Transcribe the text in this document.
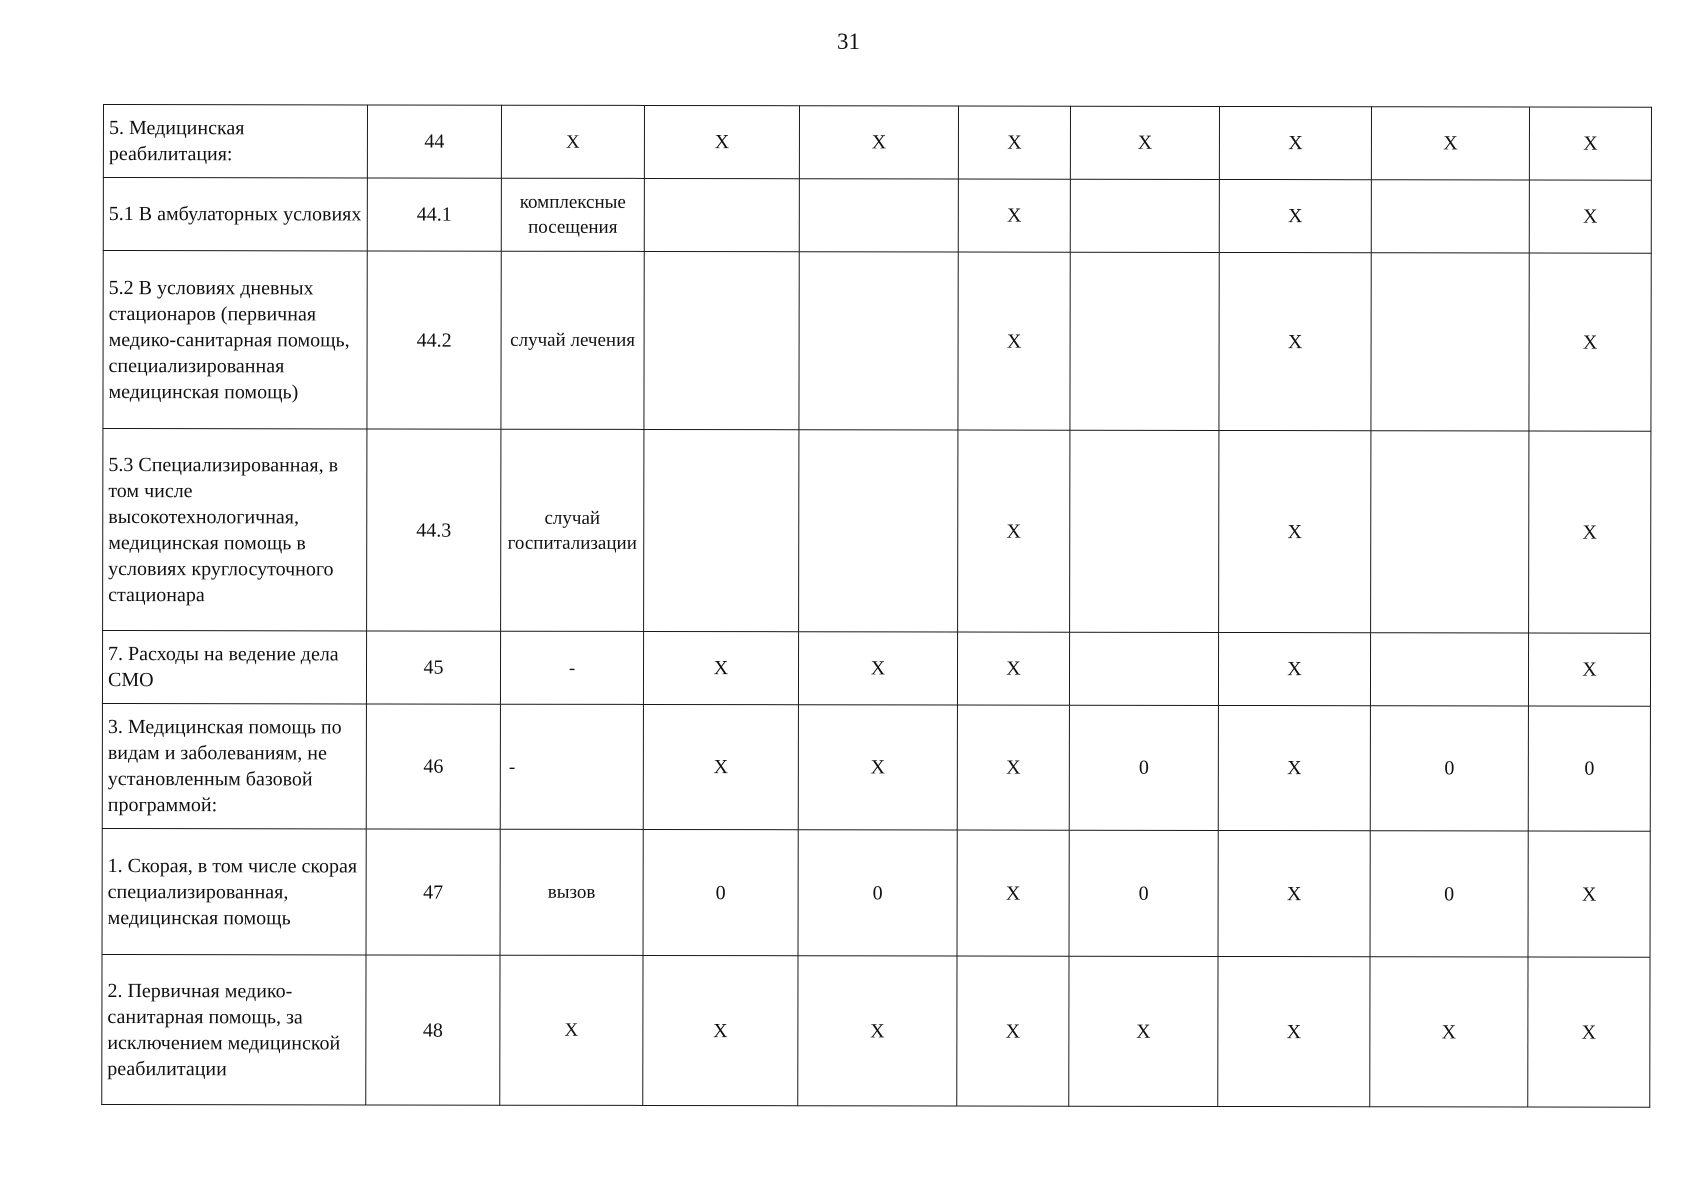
31
5. Медицинская реабилитация:	44	X	X	X	X	X	X	X	X
5.1 В амбулаторных условиях	44.1	комплексные посещения			X		X		X
5.2 В условиях дневных стационаров (первичная медико-санитарная помощь, специализированная медицинская помощь)	44.2	случай лечения			X		X		X
5.3 Специализированная, в том числе высокотехнологичная, медицинская помощь в условиях круглосуточного стационара	44.3	случай госпитализации			X		X		X
7. Расходы на ведение дела СМО	45	-	X	X	X		X		X
3. Медицинская помощь по видам и заболеваниям, не установленным базовой программой:	46	-	X	X	X	0	X	0	0
1. Скорая, в том числе скорая специализированная, медицинская помощь	47	вызов	0	0	X	0	X	0	X
2. Первичная медико-санитарная помощь, за исключением медицинской реабилитации	48	X	X	X	X	X	X	X	X
